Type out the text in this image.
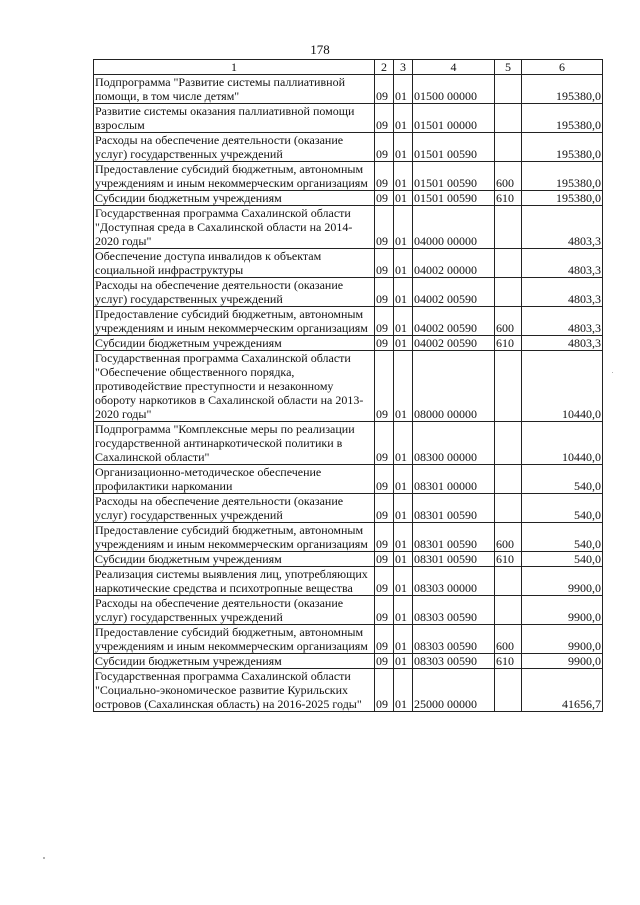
178
1	2	3	4	5	6
Подпрограмма "Развитие системы паллиативной помощи, в том числе детям"	09	01	01500 00000		195380,0
Развитие системы оказания паллиативной помощи взрослым	09	01	01501 00000		195380,0
Расходы на обеспечение деятельности (оказание услуг) государственных учреждений	09	01	01501 00590		195380,0
Предоставление субсидий бюджетным, автономным учреждениям и иным некоммерческим организациям	09	01	01501 00590	600	195380,0
Субсидии бюджетным учреждениям	09	01	01501 00590	610	195380,0
Государственная программа Сахалинской области "Доступная среда в Сахалинской области на 2014-2020 годы"	09	01	04000 00000		4803,3
Обеспечение доступа инвалидов к объектам социальной инфраструктуры	09	01	04002 00000		4803,3
Расходы на обеспечение деятельности (оказание услуг) государственных учреждений	09	01	04002 00590		4803,3
Предоставление субсидий бюджетным, автономным учреждениям и иным некоммерческим организациям	09	01	04002 00590	600	4803,3
Субсидии бюджетным учреждениям	09	01	04002 00590	610	4803,3
Государственная программа Сахалинской области "Обеспечение общественного порядка, противодействие преступности и незаконному обороту наркотиков в Сахалинской области на 2013-2020 годы"	09	01	08000 00000		10440,0
Подпрограмма "Комплексные меры по реализации государственной антинаркотической политики в Сахалинской области"	09	01	08300 00000		10440,0
Организационно-методическое обеспечение профилактики наркомании	09	01	08301 00000		540,0
Расходы на обеспечение деятельности (оказание услуг) государственных учреждений	09	01	08301 00590		540,0
Предоставление субсидий бюджетным, автономным учреждениям и иным некоммерческим организациям	09	01	08301 00590	600	540,0
Субсидии бюджетным учреждениям	09	01	08301 00590	610	540,0
Реализация системы выявления лиц, употребляющих наркотические средства и психотропные вещества	09	01	08303 00000		9900,0
Расходы на обеспечение деятельности (оказание услуг) государственных учреждений	09	01	08303 00590		9900,0
Предоставление субсидий бюджетным, автономным учреждениям и иным некоммерческим организациям	09	01	08303 00590	600	9900,0
Субсидии бюджетным учреждениям	09	01	08303 00590	610	9900,0
Государственная программа Сахалинской области "Социально-экономическое развитие Курильских островов (Сахалинская область) на 2016-2025 годы"	09	01	25000 00000		41656,7
